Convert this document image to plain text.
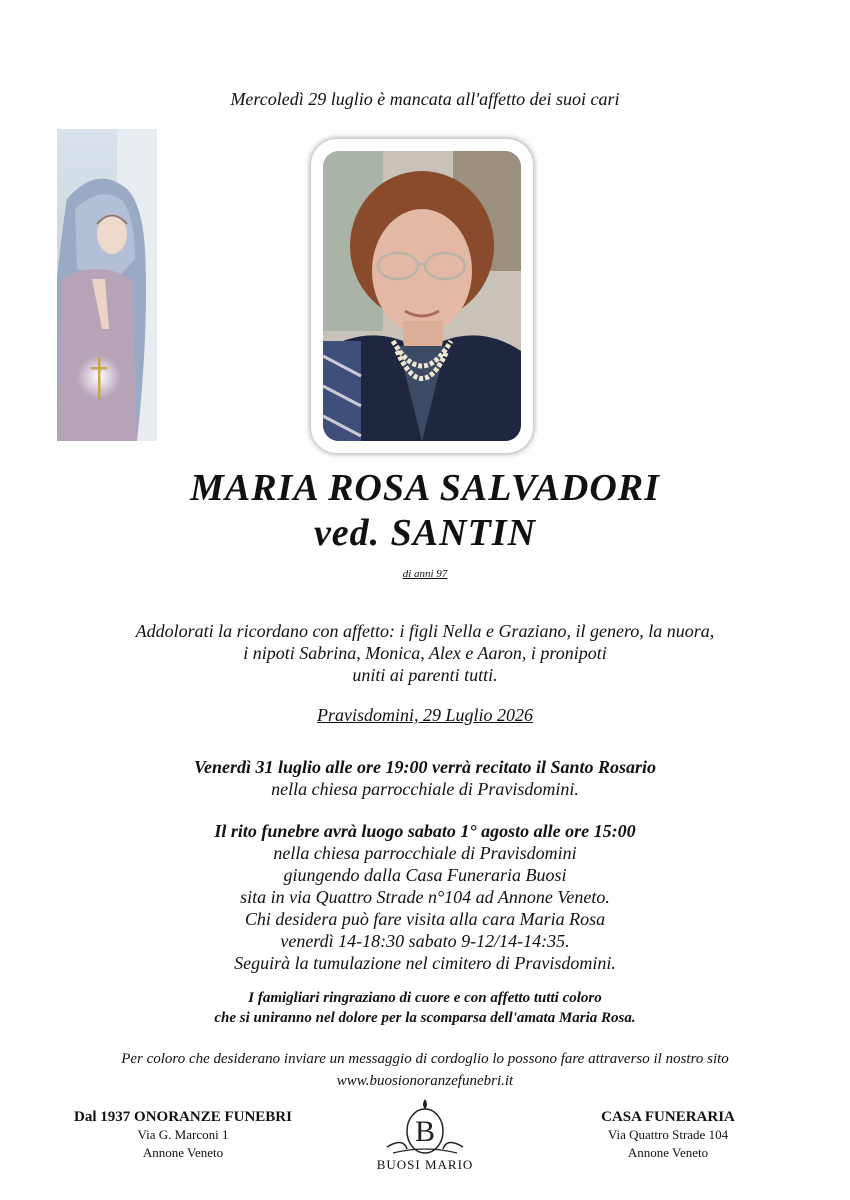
Mercoledì 29 luglio è mancata all'affetto dei suoi cari
MARIA ROSA SALVADORI
ved. SANTIN
di anni 97
Addolorati la ricordano con affetto: i figli Nella e Graziano, il genero, la nuora,
i nipoti Sabrina, Monica, Alex e Aaron, i pronipoti
uniti ai parenti tutti.
Pravisdomini, 29 Luglio 2026
Venerdì 31 luglio alle ore 19:00 verrà recitato il Santo Rosario
nella chiesa parrocchiale di Pravisdomini.
Il rito funebre avrà luogo sabato 1° agosto alle ore 15:00
nella chiesa parrocchiale di Pravisdomini
giungendo dalla Casa Funeraria Buosi
sita in via Quattro Strade n°104 ad Annone Veneto.
Chi desidera può fare visita alla cara Maria Rosa
venerdì 14-18:30 sabato 9-12/14-14:35.
Seguirà la tumulazione nel cimitero di Pravisdomini.
I famigliari ringraziano di cuore e con affetto tutti coloro
che si uniranno nel dolore per la scomparsa dell'amata Maria Rosa.
Per coloro che desiderano inviare un messaggio di cordoglio lo possono fare attraverso il nostro sito
www.buosionoranzefunebri.it
Dal 1937 ONORANZE FUNEBRI
Via G. Marconi 1
Annone Veneto
B
BUOSI MARIO
CASA FUNERARIA
Via Quattro Strade 104
Annone Veneto
